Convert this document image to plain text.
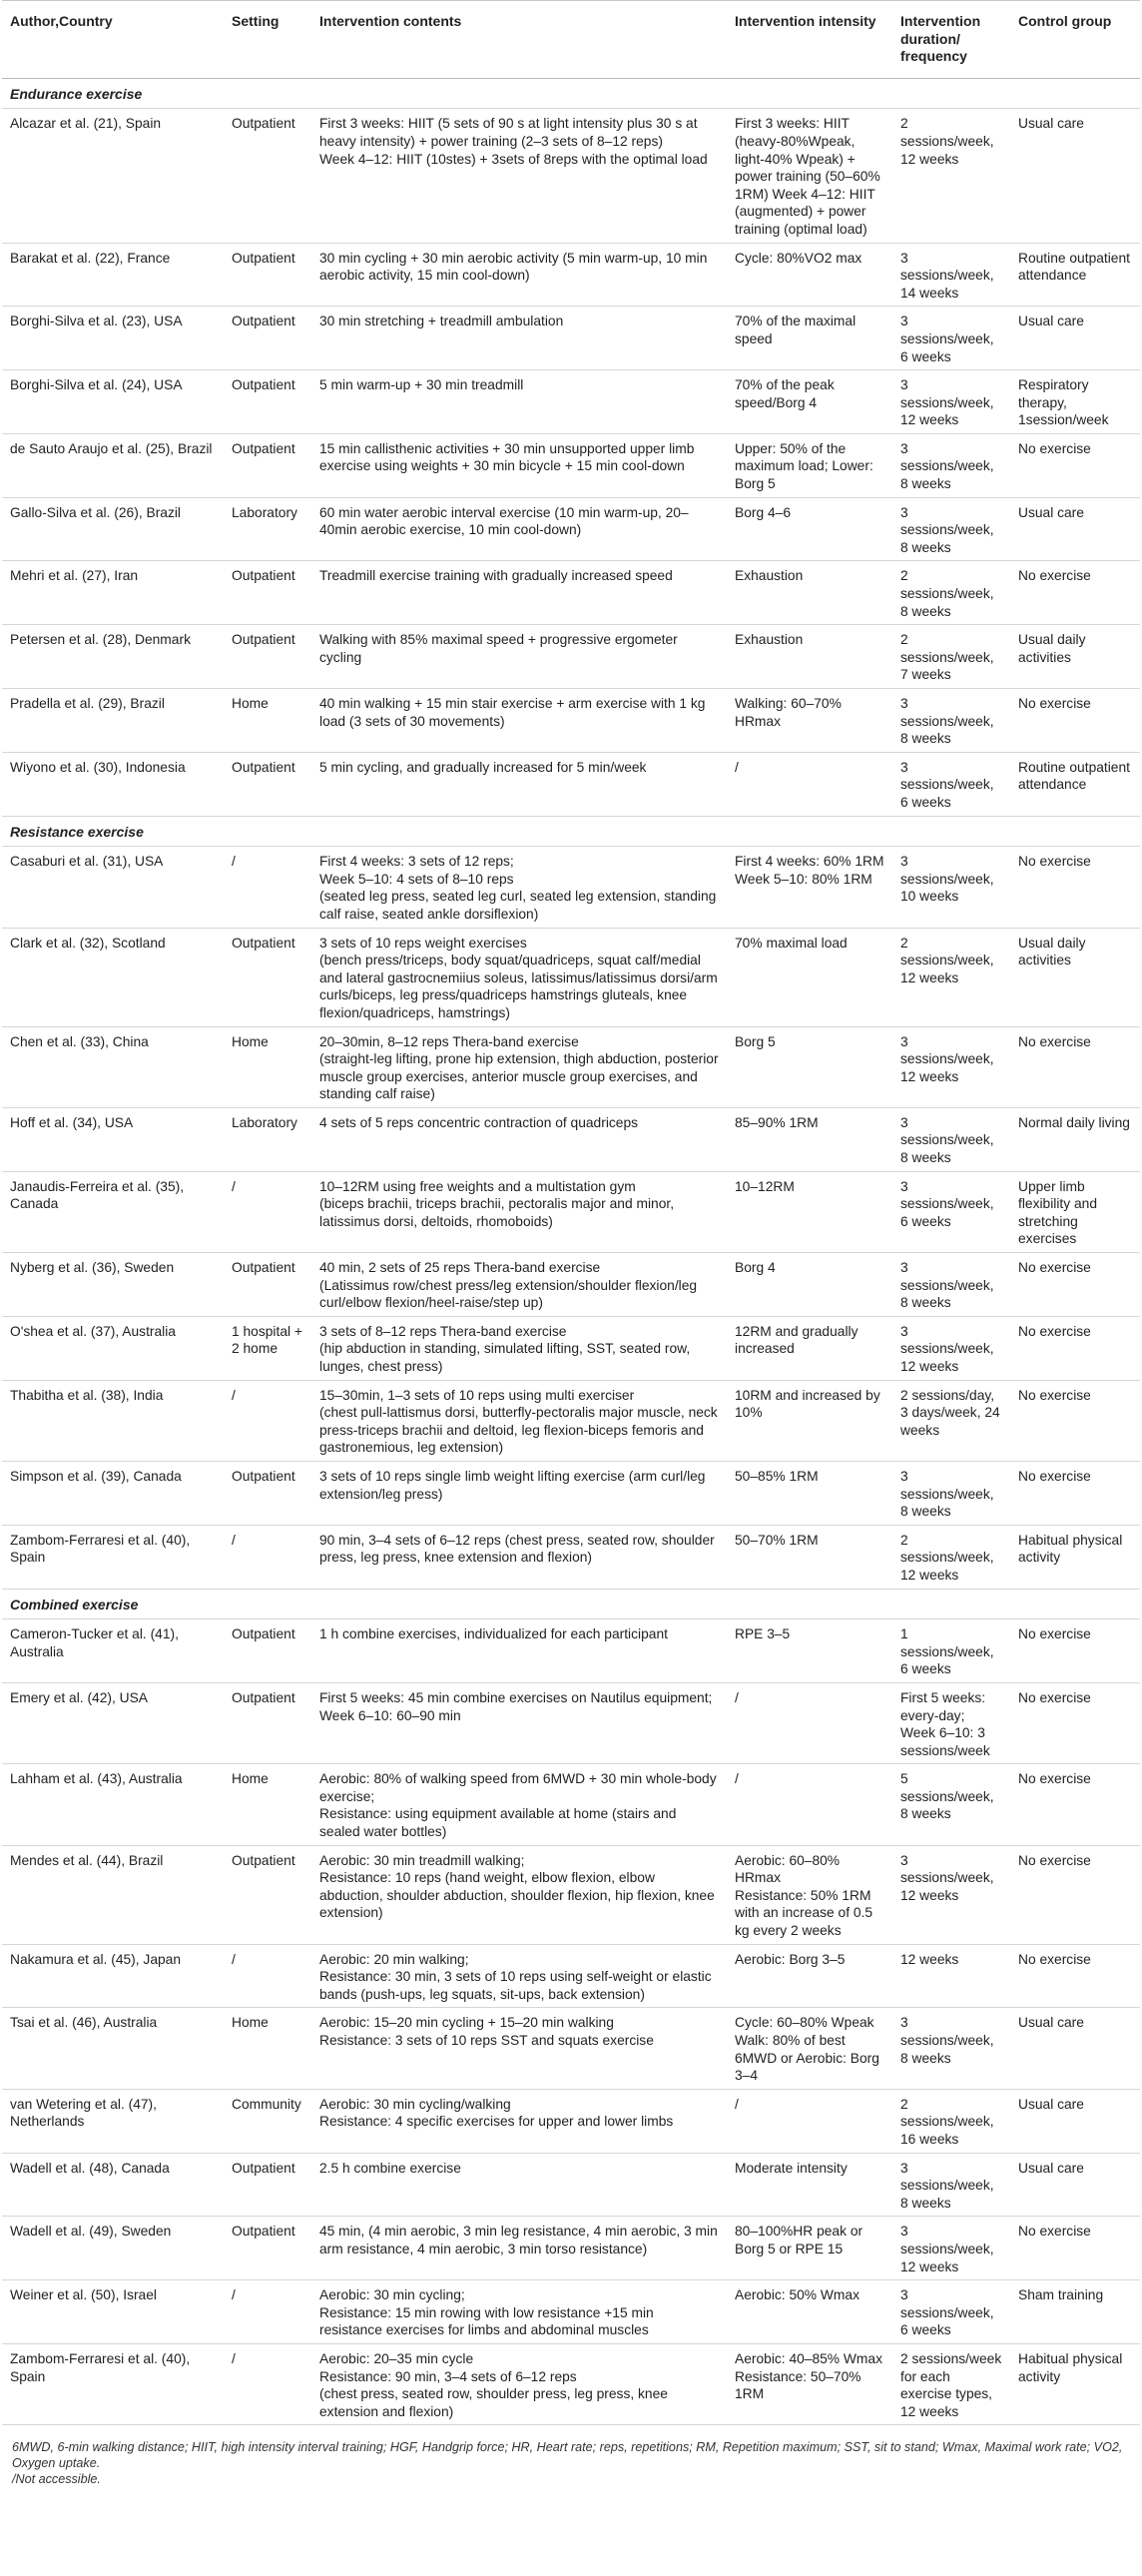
Author,Country	Setting	Intervention contents	Intervention intensity	Intervention duration/ frequency	Control group
Endurance exercise					
Alcazar et al. (21), Spain	Outpatient	First 3 weeks: HIIT (5 sets of 90 s at light intensity plus 30 s at heavy intensity) + power training (2–3 sets of 8–12 reps)
Week 4–12: HIIT (10stes) + 3sets of 8reps with the optimal load	First 3 weeks: HIIT (heavy-80%Wpeak, light-40% Wpeak) + power training (50–60% 1RM) Week 4–12: HIIT (augmented) + power training (optimal load)	2 sessions/week, 12 weeks	Usual care
Barakat et al. (22), France	Outpatient	30 min cycling + 30 min aerobic activity (5 min warm-up, 10 min aerobic activity, 15 min cool-down)	Cycle: 80%VO2 max	3 sessions/week, 14 weeks	Routine outpatient attendance
Borghi-Silva et al. (23), USA	Outpatient	30 min stretching + treadmill ambulation	70% of the maximal speed	3 sessions/week, 6 weeks	Usual care
Borghi-Silva et al. (24), USA	Outpatient	5 min warm-up + 30 min treadmill	70% of the peak speed/Borg 4	3 sessions/week, 12 weeks	Respiratory therapy, 1session/week
de Sauto Araujo et al. (25), Brazil	Outpatient	15 min callisthenic activities + 30 min unsupported upper limb exercise using weights + 30 min bicycle + 15 min cool-down	Upper: 50% of the maximum load; Lower: Borg 5	3 sessions/week, 8 weeks	No exercise
Gallo-Silva et al. (26), Brazil	Laboratory	60 min water aerobic interval exercise (10 min warm-up, 20–40min aerobic exercise, 10 min cool-down)	Borg 4–6	3 sessions/week, 8 weeks	Usual care
Mehri et al. (27), Iran	Outpatient	Treadmill exercise training with gradually increased speed	Exhaustion	2 sessions/week, 8 weeks	No exercise
Petersen et al. (28), Denmark	Outpatient	Walking with 85% maximal speed + progressive ergometer cycling	Exhaustion	2 sessions/week, 7 weeks	Usual daily activities
Pradella et al. (29), Brazil	Home	40 min walking + 15 min stair exercise + arm exercise with 1 kg load (3 sets of 30 movements)	Walking: 60–70% HRmax	3 sessions/week, 8 weeks	No exercise
Wiyono et al. (30), Indonesia	Outpatient	5 min cycling, and gradually increased for 5 min/week	/	3 sessions/week, 6 weeks	Routine outpatient attendance
Resistance exercise					
Casaburi et al. (31), USA	/	First 4 weeks: 3 sets of 12 reps;
Week 5–10: 4 sets of 8–10 reps
(seated leg press, seated leg curl, seated leg extension, standing calf raise, seated ankle dorsiflexion)	First 4 weeks: 60% 1RM Week 5–10: 80% 1RM	3 sessions/week, 10 weeks	No exercise
Clark et al. (32), Scotland	Outpatient	3 sets of 10 reps weight exercises
(bench press/triceps, body squat/quadriceps, squat calf/medial and lateral gastrocnemiius soleus, latissimus/latissimus dorsi/arm curls/biceps, leg press/quadriceps hamstrings gluteals, knee flexion/quadriceps, hamstrings)	70% maximal load	2 sessions/week, 12 weeks	Usual daily activities
Chen et al. (33), China	Home	20–30min, 8–12 reps Thera-band exercise
(straight-leg lifting, prone hip extension, thigh abduction, posterior muscle group exercises, anterior muscle group exercises, and standing calf raise)	Borg 5	3 sessions/week, 12 weeks	No exercise
Hoff et al. (34), USA	Laboratory	4 sets of 5 reps concentric contraction of quadriceps	85–90% 1RM	3 sessions/week, 8 weeks	Normal daily living
Janaudis-Ferreira et al. (35), Canada	/	10–12RM using free weights and a multistation gym
(biceps brachii, triceps brachii, pectoralis major and minor, latissimus dorsi, deltoids, rhomoboids)	10–12RM	3 sessions/week, 6 weeks	Upper limb flexibility and stretching exercises
Nyberg et al. (36), Sweden	Outpatient	40 min, 2 sets of 25 reps Thera-band exercise
(Latissimus row/chest press/leg extension/shoulder flexion/leg curl/elbow flexion/heel-raise/step up)	Borg 4	3 sessions/week, 8 weeks	No exercise
O'shea et al. (37), Australia	1 hospital + 2 home	3 sets of 8–12 reps Thera-band exercise
(hip abduction in standing, simulated lifting, SST, seated row, lunges, chest press)	12RM and gradually increased	3 sessions/week, 12 weeks	No exercise
Thabitha et al. (38), India	/	15–30min, 1–3 sets of 10 reps using multi exerciser
(chest pull-lattismus dorsi, butterfly-pectoralis major muscle, neck press-triceps brachii and deltoid, leg flexion-biceps femoris and gastronemious, leg extension)	10RM and increased by 10%	2 sessions/day, 3 days/week, 24 weeks	No exercise
Simpson et al. (39), Canada	Outpatient	3 sets of 10 reps single limb weight lifting exercise (arm curl/leg extension/leg press)	50–85% 1RM	3 sessions/week, 8 weeks	No exercise
Zambom-Ferraresi et al. (40), Spain	/	90 min, 3–4 sets of 6–12 reps (chest press, seated row, shoulder press, leg press, knee extension and flexion)	50–70% 1RM	2 sessions/week, 12 weeks	Habitual physical activity
Combined exercise					
Cameron-Tucker et al. (41), Australia	Outpatient	1 h combine exercises, individualized for each participant	RPE 3–5	1 sessions/week, 6 weeks	No exercise
Emery et al. (42), USA	Outpatient	First 5 weeks: 45 min combine exercises on Nautilus equipment;
Week 6–10: 60–90 min	/	First 5 weeks: every-day; Week 6–10: 3 sessions/week	No exercise
Lahham et al. (43), Australia	Home	Aerobic: 80% of walking speed from 6MWD + 30 min whole-body exercise;
Resistance: using equipment available at home (stairs and sealed water bottles)	/	5 sessions/week, 8 weeks	No exercise
Mendes et al. (44), Brazil	Outpatient	Aerobic: 30 min treadmill walking;
Resistance: 10 reps (hand weight, elbow flexion, elbow abduction, shoulder abduction, shoulder flexion, hip flexion, knee extension)	Aerobic: 60–80% HRmax
Resistance: 50% 1RM with an increase of 0.5 kg every 2 weeks	3 sessions/week, 12 weeks	No exercise
Nakamura et al. (45), Japan	/	Aerobic: 20 min walking;
Resistance: 30 min, 3 sets of 10 reps using self-weight or elastic bands (push-ups, leg squats, sit-ups, back extension)	Aerobic: Borg 3–5	12 weeks	No exercise
Tsai et al. (46), Australia	Home	Aerobic: 15–20 min cycling + 15–20 min walking
Resistance: 3 sets of 10 reps SST and squats exercise	Cycle: 60–80% Wpeak
Walk: 80% of best 6MWD or Aerobic: Borg 3–4	3 sessions/week, 8 weeks	Usual care
van Wetering et al. (47), Netherlands	Community	Aerobic: 30 min cycling/walking
Resistance: 4 specific exercises for upper and lower limbs	/	2 sessions/week, 16 weeks	Usual care
Wadell et al. (48), Canada	Outpatient	2.5 h combine exercise	Moderate intensity	3 sessions/week, 8 weeks	Usual care
Wadell et al. (49), Sweden	Outpatient	45 min, (4 min aerobic, 3 min leg resistance, 4 min aerobic, 3 min arm resistance, 4 min aerobic, 3 min torso resistance)	80–100%HR peak or Borg 5 or RPE 15	3 sessions/week, 12 weeks	No exercise
Weiner et al. (50), Israel	/	Aerobic: 30 min cycling;
Resistance: 15 min rowing with low resistance +15 min resistance exercises for limbs and abdominal muscles	Aerobic: 50% Wmax	3 sessions/week, 6 weeks	Sham training
Zambom-Ferraresi et al. (40), Spain	/	Aerobic: 20–35 min cycle
Resistance: 90 min, 3–4 sets of 6–12 reps
(chest press, seated row, shoulder press, leg press, knee extension and flexion)	Aerobic: 40–85% Wmax
Resistance: 50–70% 1RM	2 sessions/week for each exercise types, 12 weeks	Habitual physical activity
6MWD, 6-min walking distance; HIIT, high intensity interval training; HGF, Handgrip force; HR, Heart rate; reps, repetitions; RM, Repetition maximum; SST, sit to stand; Wmax, Maximal work rate; VO2, Oxygen uptake.
/Not accessible.
